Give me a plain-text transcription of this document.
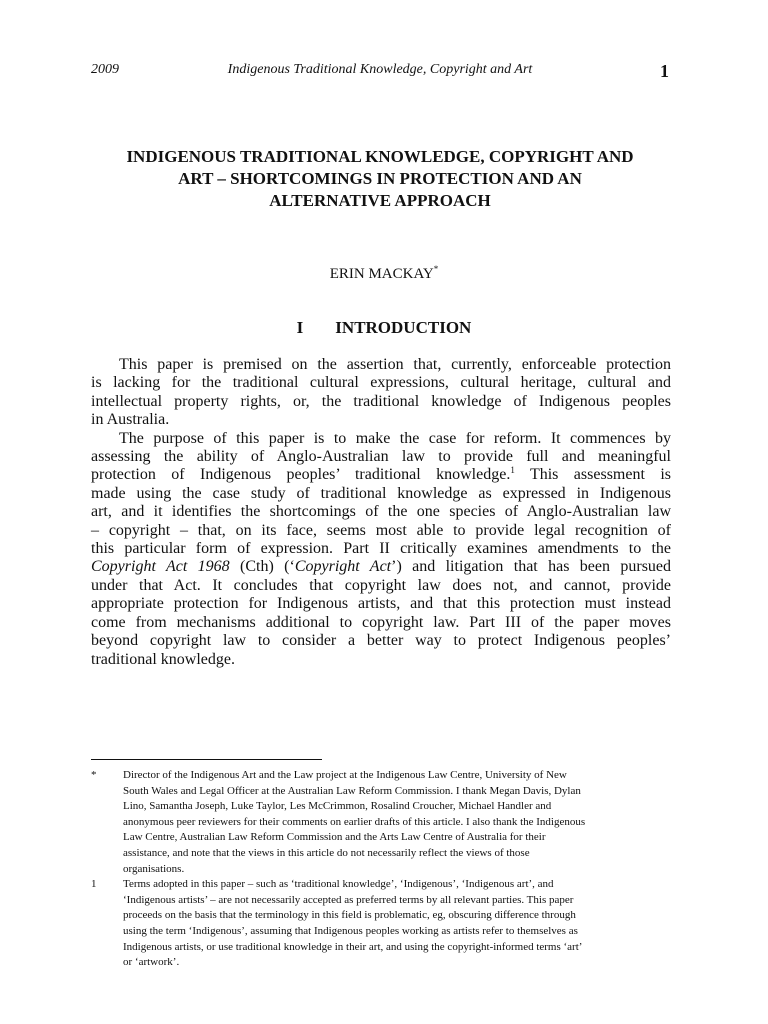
2009	Indigenous Traditional Knowledge, Copyright and Art	1
INDIGENOUS TRADITIONAL KNOWLEDGE, COPYRIGHT AND
ART – SHORTCOMINGS IN PROTECTION AND AN
ALTERNATIVE APPROACH
ERIN MACKAY*
I INTRODUCTION
This paper is premised on the assertion that, currently, enforceable protection
is lacking for the traditional cultural expressions, cultural heritage, cultural and
intellectual property rights, or, the traditional knowledge of Indigenous peoples
in Australia.
The purpose of this paper is to make the case for reform. It commences by
assessing the ability of Anglo-Australian law to provide full and meaningful
protection of Indigenous peoples’ traditional knowledge.$^1$ This assessment is
made using the case study of traditional knowledge as expressed in Indigenous
art, and it identifies the shortcomings of the one species of Anglo-Australian law
– copyright – that, on its face, seems most able to provide legal recognition of
this particular form of expression. Part II critically examines amendments to the
Copyright Act 1968 (Cth) (‘Copyright Act’) and litigation that has been pursued
under that Act. It concludes that copyright law does not, and cannot, provide
appropriate protection for Indigenous artists, and that this protection must instead
come from mechanisms additional to copyright law. Part III of the paper moves
beyond copyright law to consider a better way to protect Indigenous peoples’
traditional knowledge.
* Director of the Indigenous Art and the Law project at the Indigenous Law Centre, University of New
South Wales and Legal Officer at the Australian Law Reform Commission. I thank Megan Davis, Dylan
Lino, Samantha Joseph, Luke Taylor, Les McCrimmon, Rosalind Croucher, Michael Handler and
anonymous peer reviewers for their comments on earlier drafts of this article. I also thank the Indigenous
Law Centre, Australian Law Reform Commission and the Arts Law Centre of Australia for their
assistance, and note that the views in this article do not necessarily reflect the views of those
organisations.
1 Terms adopted in this paper – such as ‘traditional knowledge’, ‘Indigenous’, ‘Indigenous art’, and
‘Indigenous artists’ – are not necessarily accepted as preferred terms by all relevant parties. This paper
proceeds on the basis that the terminology in this field is problematic, eg, obscuring difference through
using the term ‘Indigenous’, assuming that Indigenous peoples working as artists refer to themselves as
Indigenous artists, or use traditional knowledge in their art, and using the copyright-informed terms ‘art’
or ‘artwork’.
